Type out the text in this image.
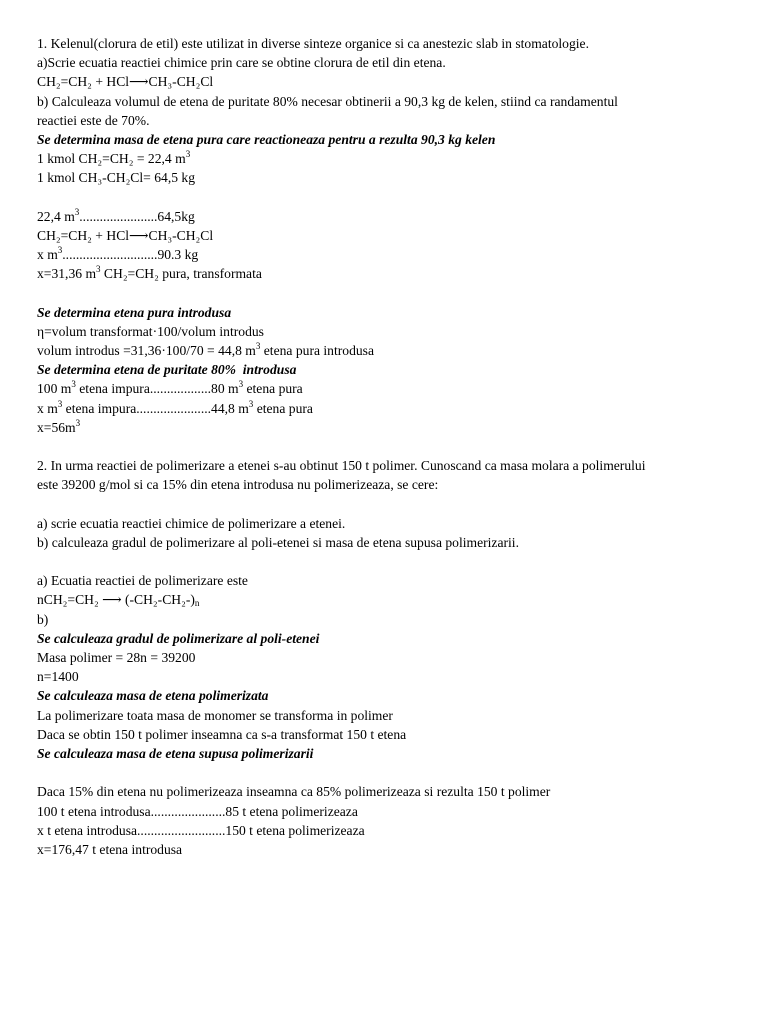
1. Kelenul(clorura de etil) este utilizat in diverse sinteze organice si ca anestezic slab in stomatologie.
a)Scrie ecuatia reactiei chimice prin care se obtine clorura de etil din etena.
CH₂=CH₂ + HCl⟶CH₃-CH₂Cl
b) Calculeaza volumul de etena de puritate 80% necesar obtinerii a 90,3 kg de kelen, stiind ca randamentul
reactiei este de 70%.
Se determina masa de etena pura care reactioneaza pentru a rezulta 90,3 kg kelen
1 kmol CH₂=CH₂ = 22,4 $m^3$
1 kmol CH₃-CH₂Cl= 64,5 kg
22,4 $m^3.......................64,5kg$
CH₂=CH₂ + HCl⟶CH₃-CH₂Cl
x $m^3............................90.3$ kg
x=31,36 $m^3$ CH₂=CH₂ pura, transformata
Se determina etena pura introdusa
η=volum transformat·100/volum introdus
volum introdus =31,36·100/70 = 44,8 $m^3$ etena pura introdusa
Se determina etena de puritate 80%  introdusa
100 $m^3$ etena impura..................80 $m^3$ etena pura
x $m^3$ etena impura......................44,8 $m^3$ etena pura
$x=56m^3$
2. In urma reactiei de polimerizare a etenei s-au obtinut 150 t polimer. Cunoscand ca masa molara a polimerului
este 39200 g/mol si ca 15% din etena introdusa nu polimerizeaza, se cere:
a) scrie ecuatia reactiei chimice de polimerizare a etenei.
b) calculeaza gradul de polimerizare al poli-etenei si masa de etena supusa polimerizarii.
a) Ecuatia reactiei de polimerizare este
nCH₂=CH₂ ⟶ $(-CH_2-CH_2-)_n$
b)
Se calculeaza gradul de polimerizare al poli-etenei
Masa polimer = 28n = 39200
n=1400
Se calculeaza masa de etena polimerizata
La polimerizare toata masa de monomer se transforma in polimer
Daca se obtin 150 t polimer inseamna ca s-a transformat 150 t etena
Se calculeaza masa de etena supusa polimerizarii
Daca 15% din etena nu polimerizeaza inseamna ca 85% polimerizeaza si rezulta 150 t polimer
100 t etena introdusa......................85 t etena polimerizeaza
x t etena introdusa..........................150 t etena polimerizeaza
x=176,47 t etena introdusa
